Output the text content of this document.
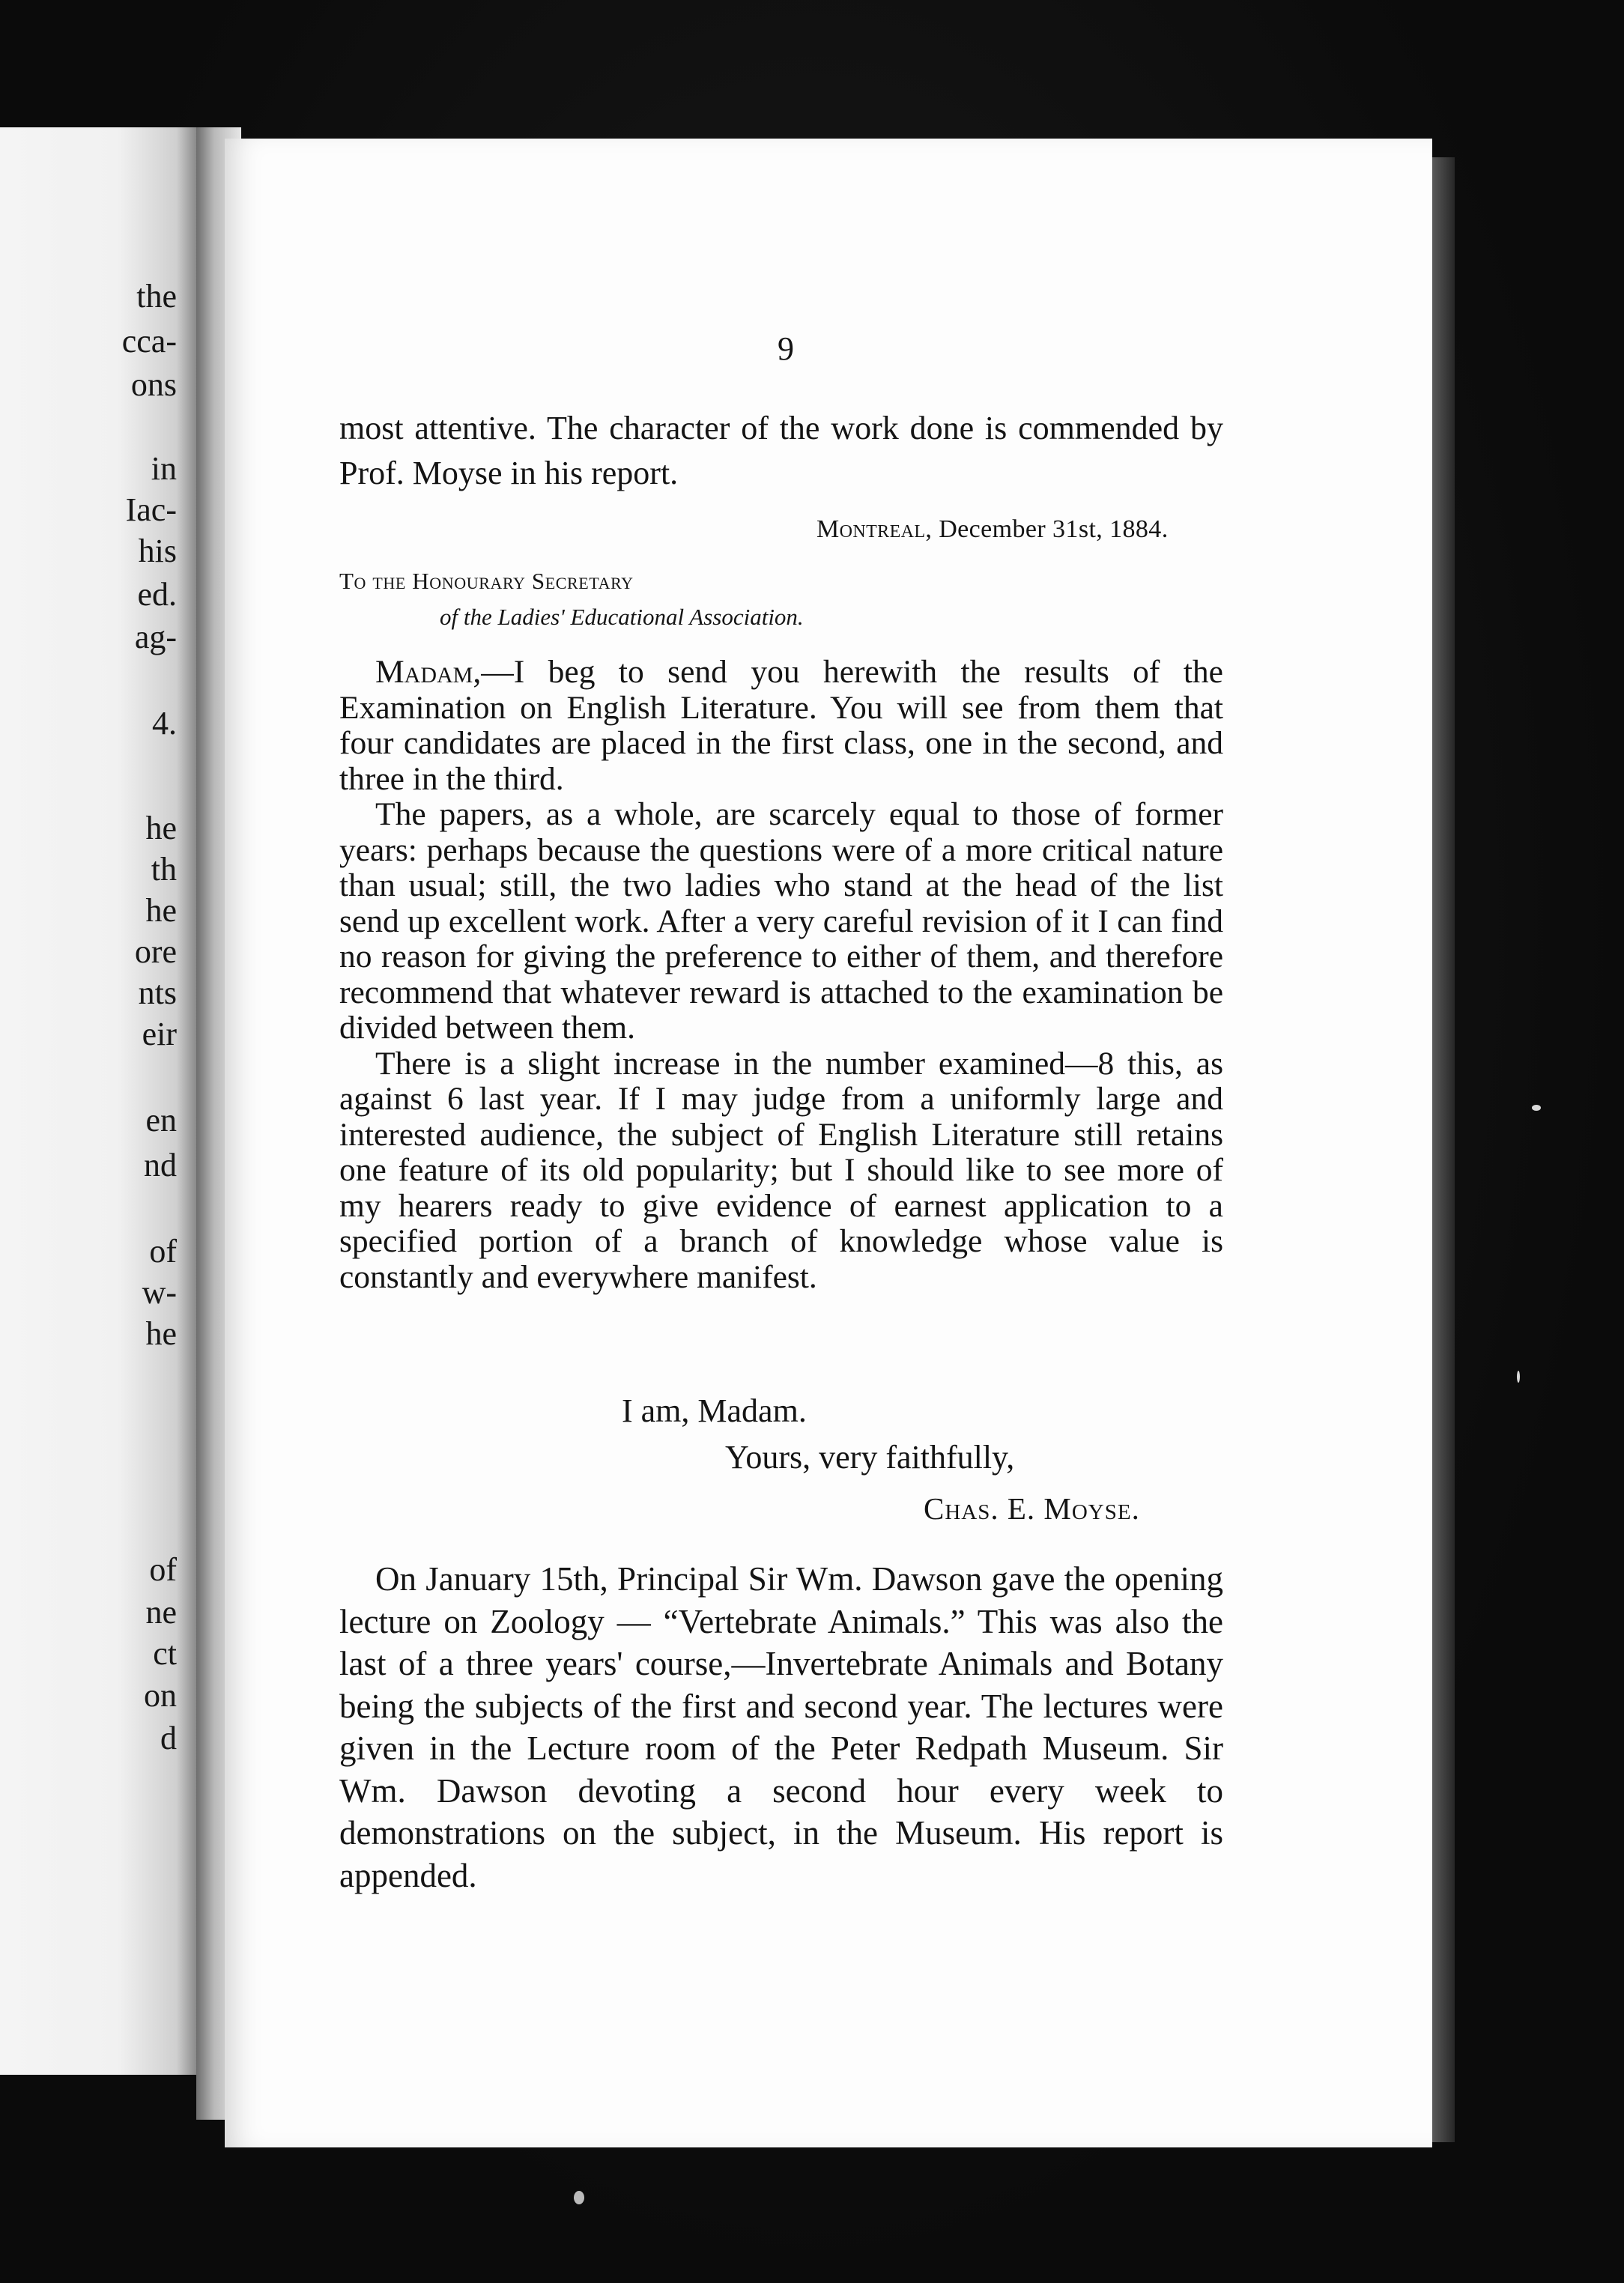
the
cca-
ons
in
Iac-
his
ed.
ag-
4.
he
th
he
ore
nts
eir
en
nd
of
w-
he
of
ne
ct
on
d
9

most attentive. The character of the work done is commended by Prof. Moyse in his report.

Montreal, December 31st, 1884.
To the Honourary Secretary
of the Ladies' Educational Association.

Madam,—I beg to send you herewith the results of the Examination on English Literature. You will see from them that four candidates are placed in the first class, one in the second, and three in the third.

The papers, as a whole, are scarcely equal to those of former years: perhaps because the questions were of a more critical nature than usual; still, the two ladies who stand at the head of the list send up excellent work. After a very careful revision of it I can find no reason for giving the preference to either of them, and therefore recommend that whatever reward is attached to the examination be divided between them.

There is a slight increase in the number examined—8 this, as against 6 last year. If I may judge from a uniformly large and interested audience, the subject of English Literature still retains one feature of its old popularity; but I should like to see more of my hearers ready to give evidence of earnest application to a specified portion of a branch of knowledge whose value is constantly and everywhere manifest.

I am, Madam.
Yours, very faithfully,
Chas. E. Moyse.

On January 15th, Principal Sir Wm. Dawson gave the opening lecture on Zoology — “Vertebrate Animals.” This was also the last of a three years' course,—Invertebrate Animals and Botany being the subjects of the first and second year. The lectures were given in the Lecture room of the Peter Redpath Museum. Sir Wm. Dawson devoting a second hour every week to demonstrations on the subject, in the Museum. His report is appended.
